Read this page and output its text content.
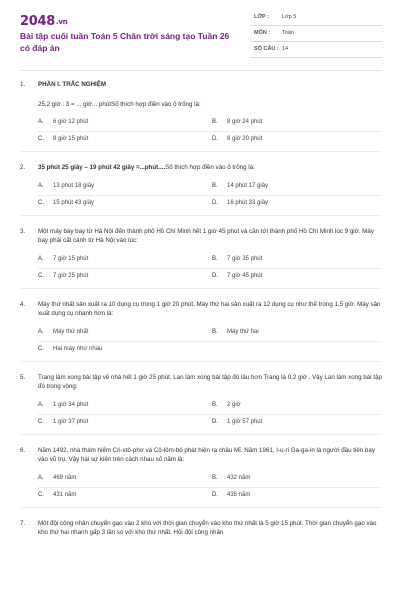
2048.vn
Bài tập cuối tuần Toán 5 Chân trời sáng tạo Tuần 26 có đáp án
LỚP : Lớp 5
MÔN : Toán
SỐ CÂU : 14
1. PHẦN I. TRẮC NGHIỆM
25,2 giờ : 3 = ... giờ... phútSố thích hợp điền vào ô trống là:
A. 6 giờ 12 phút	B. 8 giờ 24 phút
C. 8 giờ 15 phút	D. 8 giờ 20 phút
2. 35 phút 25 giây – 19 phút 42 giây =...phút....Số thích hợp điền vào ô trống là:
A. 13 phút 18 giây	B. 14 phút 17 giây
C. 15 phút 43 giây	D. 16 phút 33 giây
3. Một máy bay bay từ Hà Nội đến thành phố Hồ Chí Minh hết 1 giờ 45 phút và cần tới thành phố Hồ Chí Minh lúc 9 giờ. Máy bay phải cất cánh từ Hà Nội vào lúc:
A. 7 giờ 15 phút	B. 7 giờ 35 phút
C. 7 giờ 25 phút	D. 7 giờ 45 phút
4. Máy thứ nhất sản xuất ra 10 dụng cụ trong 1 giờ 20 phút. Máy thứ hai sản xuất ra 12 dụng cụ như thế trong 1,5 giờ. Máy sản xuất dụng cụ nhanh hơn là:
A. Máy thứ nhất	B. Máy thứ hai
C. Hai máy như nhau
5. Trang làm xong bài tập về nhà hết 1 giờ 25 phút. Lan làm xong bài tập đó lâu hơn Trang là 0,2 giờ . Vậy Lan làm xong bài tập đó trong vòng:
A. 1 giờ 34 phút	B. 2 giờ
C. 1 giờ 37 phút	D. 1 giờ 57 phút
6. Năm 1492, nhà thám hiểm Cri-xtô-phơ và Cô-lôm-bô phát hiện ra châu Mĩ. Năm 1961, I-u-ri Ga-ga-in là người đầu tiên bay vào vũ trụ. Vậy hai sự kiện trên cách nhau số năm là:
A. 469 năm	B. 432 năm
C. 431 năm	D. 435 năm
7. Một đội công nhân chuyển gạo vào 2 kho với thời gian chuyển vào kho thứ nhất là 5 giờ 15 phút. Thời gian chuyển gạo vào kho thứ hai nhanh gấp 3 lần so với kho thứ nhất. Hỏi đội công nhân
